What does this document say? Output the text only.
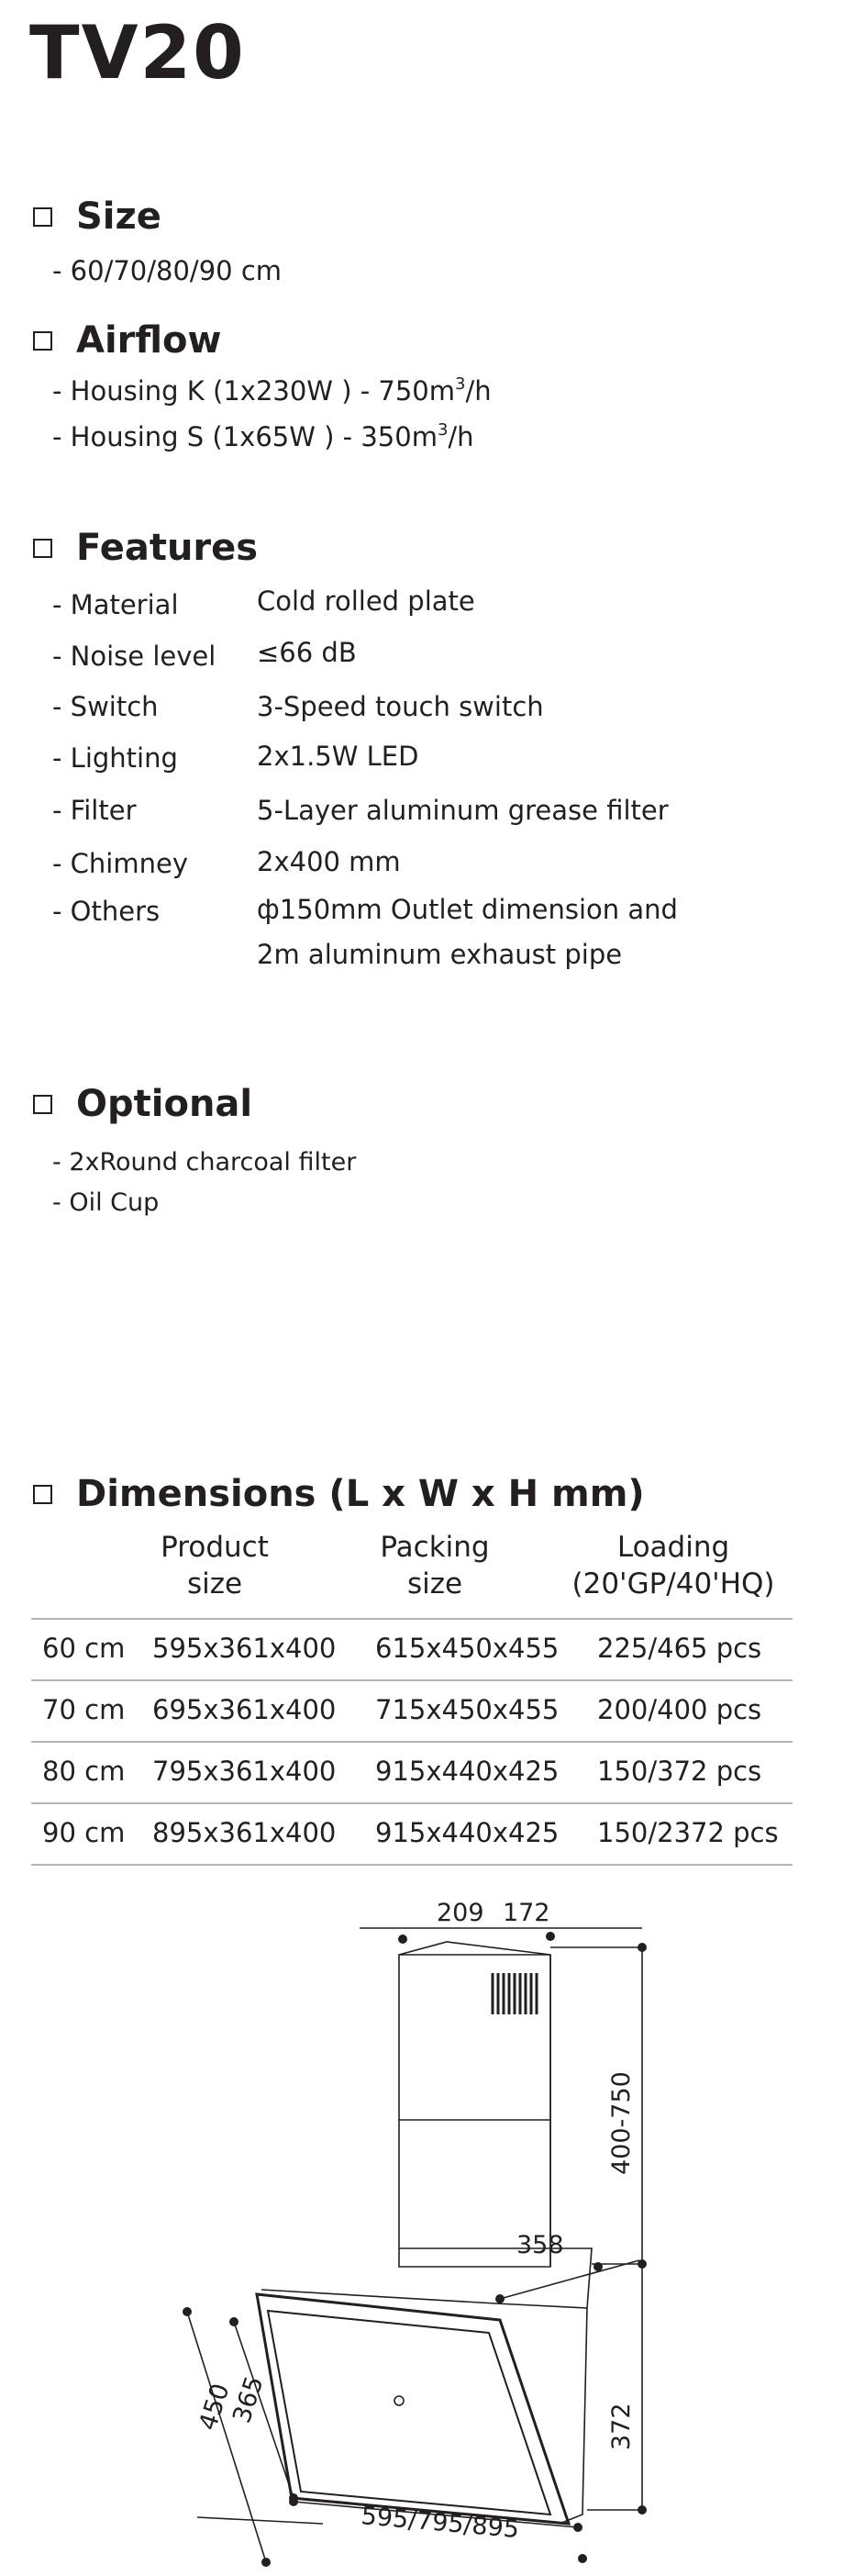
TV20
Size
- 60/70/80/90 cm
Airflow
- Housing K (1x230W ) - $750m^3/h$
- Housing S (1x65W ) - $350m^3/h$
Features
- Material	Cold rolled plate
- Noise level ≤66 dB
- Switch	3-Speed touch switch
- Lighting	2x1.5W LED
- Filter	5-Layer aluminum grease filter
- Chimney	2x400 mm
- Others	ф150mm Outlet dimension and
2m aluminum exhaust pipe
Optional
- 2xRound charcoal filter
- Oil Cup
Dimensions (L x W x H mm)
Product
size
Packing
size
Loading
(20'GP/40'HQ)
60 cm 595x361x400 615x450x455 225/465 pcs
70 cm 695x361x400 715x450x455 200/400 pcs
80 cm 795x361x400 915x440x425 150/372 pcs
90 cm 895x361x400 915x440x425 150/2372 pcs
209 172
400-750
358
372
450
365
595/795/895
